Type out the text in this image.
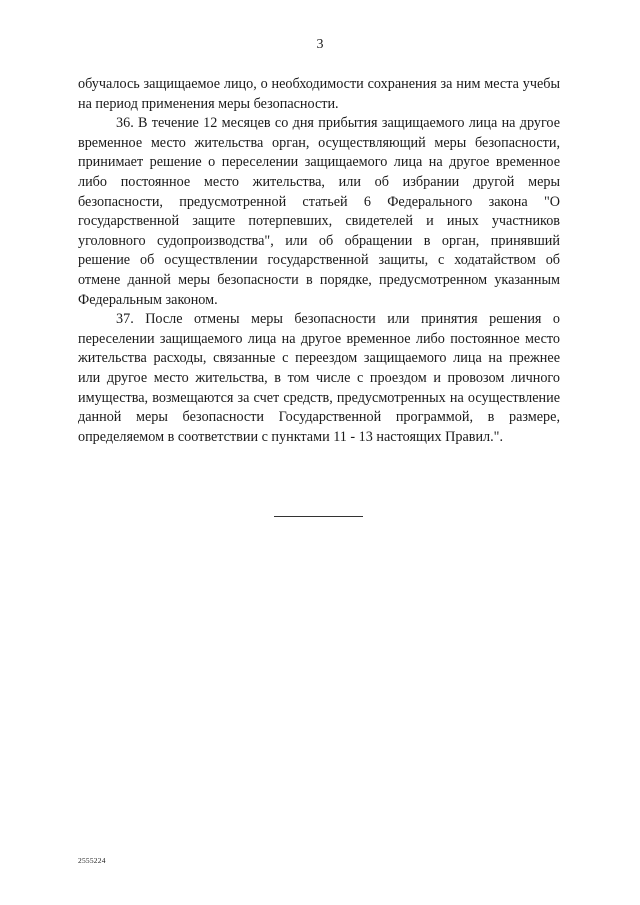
3

обучалось защищаемое лицо, о необходимости сохранения за ним места учебы на период применения меры безопасности.

36. В течение 12 месяцев со дня прибытия защищаемого лица на другое временное место жительства орган, осуществляющий меры безопасности, принимает решение о переселении защищаемого лица на другое временное либо постоянное место жительства, или об избрании другой меры безопасности, предусмотренной статьей 6 Федерального закона "О государственной защите потерпевших, свидетелей и иных участников уголовного судопроизводства", или об обращении в орган, принявший решение об осуществлении государственной защиты, с ходатайством об отмене данной меры безопасности в порядке, предусмотренном указанным Федеральным законом.

37. После отмены меры безопасности или принятия решения о переселении защищаемого лица на другое временное либо постоянное место жительства расходы, связанные с переездом защищаемого лица на прежнее или другое место жительства, в том числе с проездом и провозом личного имущества, возмещаются за счет средств, предусмотренных на осуществление данной меры безопасности Государственной программой, в размере, определяемом в соответствии с пунктами 11 - 13 настоящих Правил.".

2555224
